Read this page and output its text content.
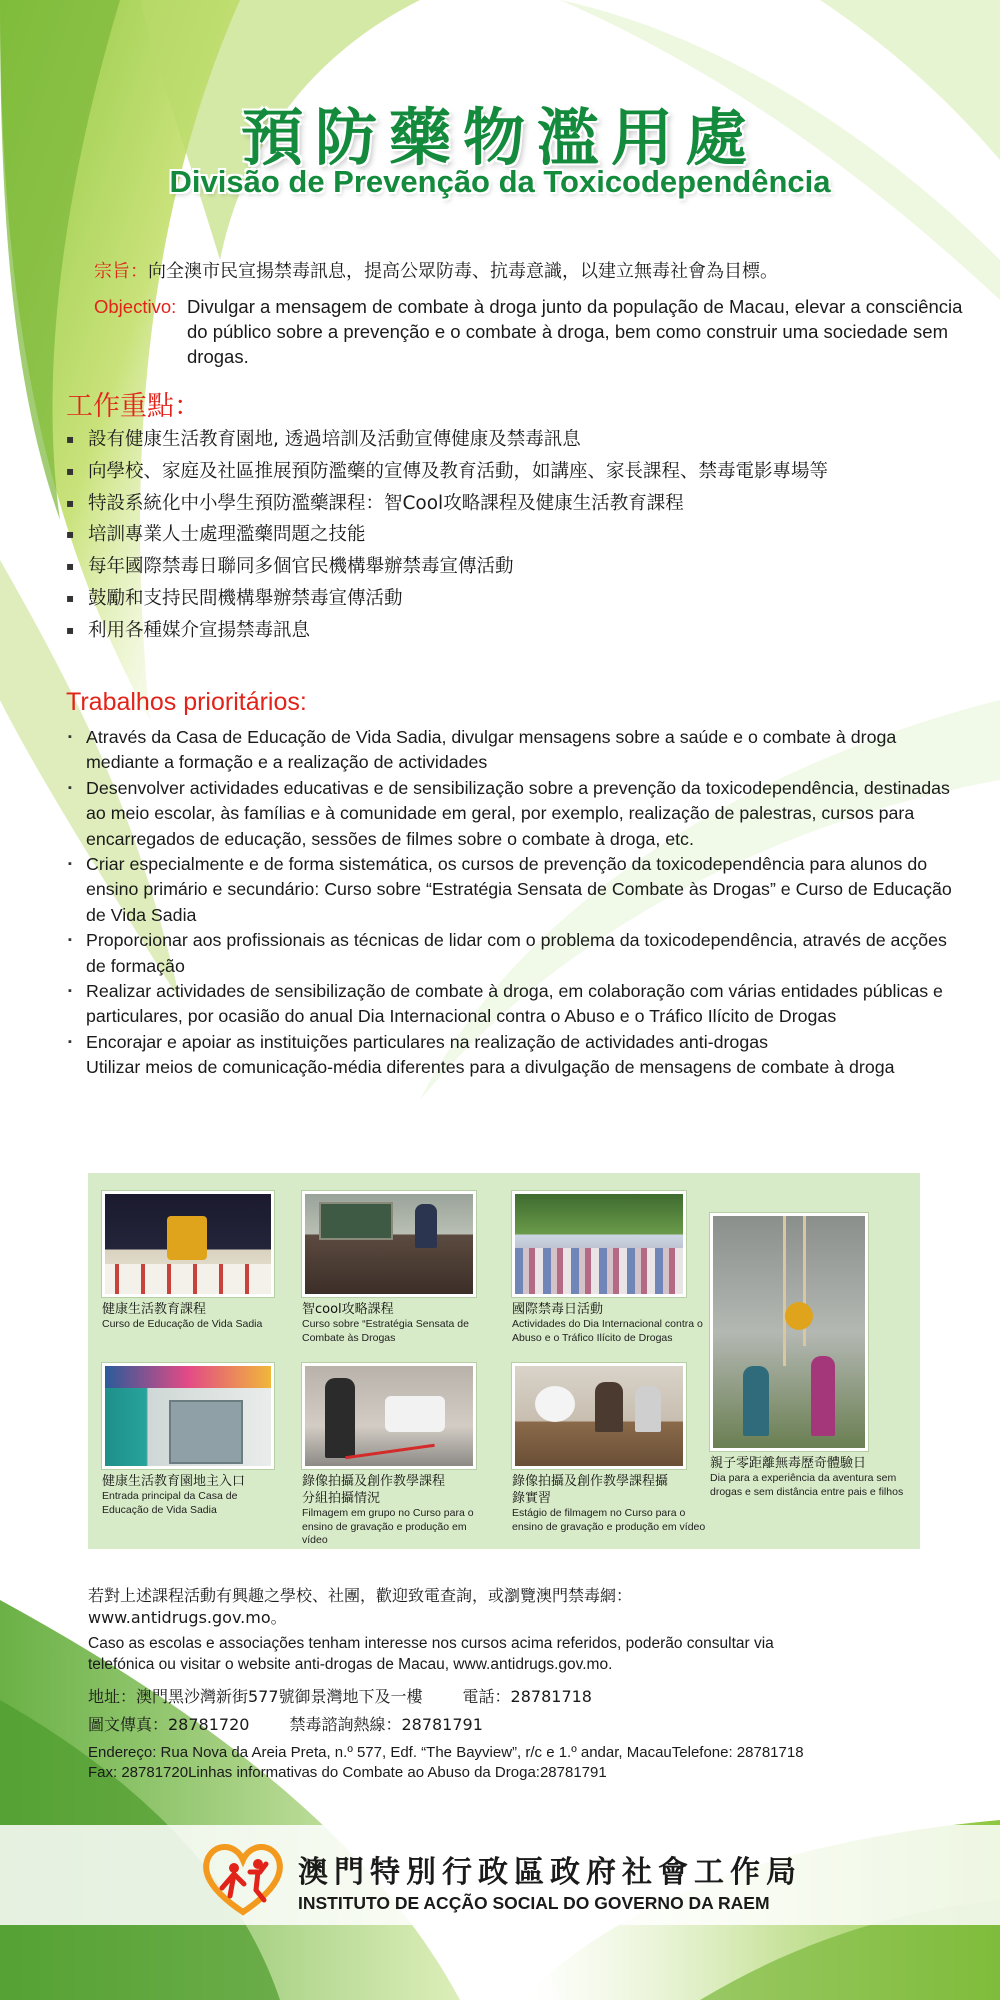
預防藥物濫用處
Divisão de Prevenção da Toxicodependência
宗旨：向全澳市民宣揚禁毒訊息，提高公眾防毒、抗毒意識，以建立無毒社會為目標。
Objectivo: Divulgar a mensagem de combate à droga junto da população de Macau, elevar a consciência do público sobre a prevenção e o combate à droga, bem como construir uma sociedade sem drogas.
工作重點：
▪ 設有健康生活教育園地, 透過培訓及活動宣傳健康及禁毒訊息
▪ 向學校、家庭及社區推展預防濫藥的宣傳及教育活動，如講座、家長課程、禁毒電影專場等
▪ 特設系統化中小學生預防濫藥課程：智Cool攻略課程及健康生活教育課程
▪ 培訓專業人士處理濫藥問題之技能
▪ 每年國際禁毒日聯同多個官民機構舉辦禁毒宣傳活動
▪ 鼓勵和支持民間機構舉辦禁毒宣傳活動
▪ 利用各種媒介宣揚禁毒訊息
Trabalhos prioritários:
▪ Através da Casa de Educação de Vida Sadia, divulgar mensagens sobre a saúde e o combate à droga mediante a formação e a realização de actividades
▪ Desenvolver actividades educativas e de sensibilização sobre a prevenção da toxicodependência, destinadas ao meio escolar, às famílias e à comunidade em geral, por exemplo, realização de palestras, cursos para encarregados de educação, sessões de filmes sobre o combate à droga, etc.
▪ Criar especialmente e de forma sistemática, os cursos de prevenção da toxicodependência para alunos do ensino primário e secundário: Curso sobre “Estratégia Sensata de Combate às Drogas” e Curso de Educação de Vida Sadia
▪ Proporcionar aos profissionais as técnicas de lidar com o problema da toxicodependência, através de acções de formação
▪ Realizar actividades de sensibilização de combate à droga, em colaboração com várias entidades públicas e particulares, por ocasião do anual Dia Internacional contra o Abuso e o Tráfico Ilícito de Drogas
▪ Encorajar e apoiar as instituições particulares na realização de actividades anti-drogas
Utilizar meios de comunicação-média diferentes para a divulgação de mensagens de combate à droga
健康生活教育課程
Curso de Educação de Vida Sadia
智cool攻略課程
Curso sobre “Estratégia Sensata de Combate às Drogas
國際禁毒日活動
Actividades do Dia Internacional contra o Abuso e o Tráfico Ilícito de Drogas
親子零距離無毒歷奇體驗日
Dia para a experiência da aventura sem drogas e sem distância entre pais e filhos
健康生活教育園地主入口
Entrada principal da Casa de Educação de Vida Sadia
錄像拍攝及創作教學課程分組拍攝情況
Filmagem em grupo no Curso para o ensino de gravação e produção em vídeo
錄像拍攝及創作教學課程攝錄實習
Estágio de filmagem no Curso para o ensino de gravação e produção em vídeo
若對上述課程活動有興趣之學校、社團，歡迎致電查詢，或瀏覽澳門禁毒網：
www.antidrugs.gov.mo。
Caso as escolas e associações tenham interesse nos cursos acima referidos, poderão consultar via telefónica ou visitar o website anti-drogas de Macau, www.antidrugs.gov.mo.
地址：澳門黑沙灣新街577號御景灣地下及一樓	電話：28781718
圖文傳真：28781720	禁毒諮詢熱線：28781791
Endereço: Rua Nova da Areia Preta, n.º 577, Edf. “The Bayview”, r/c e 1.º andar, MacauTelefone: 28781718
Fax: 28781720Linhas informativas do Combate ao Abuso da Droga:28781791
澳門特別行政區政府社會工作局
INSTITUTO DE ACÇÃO SOCIAL DO GOVERNO DA RAEM
